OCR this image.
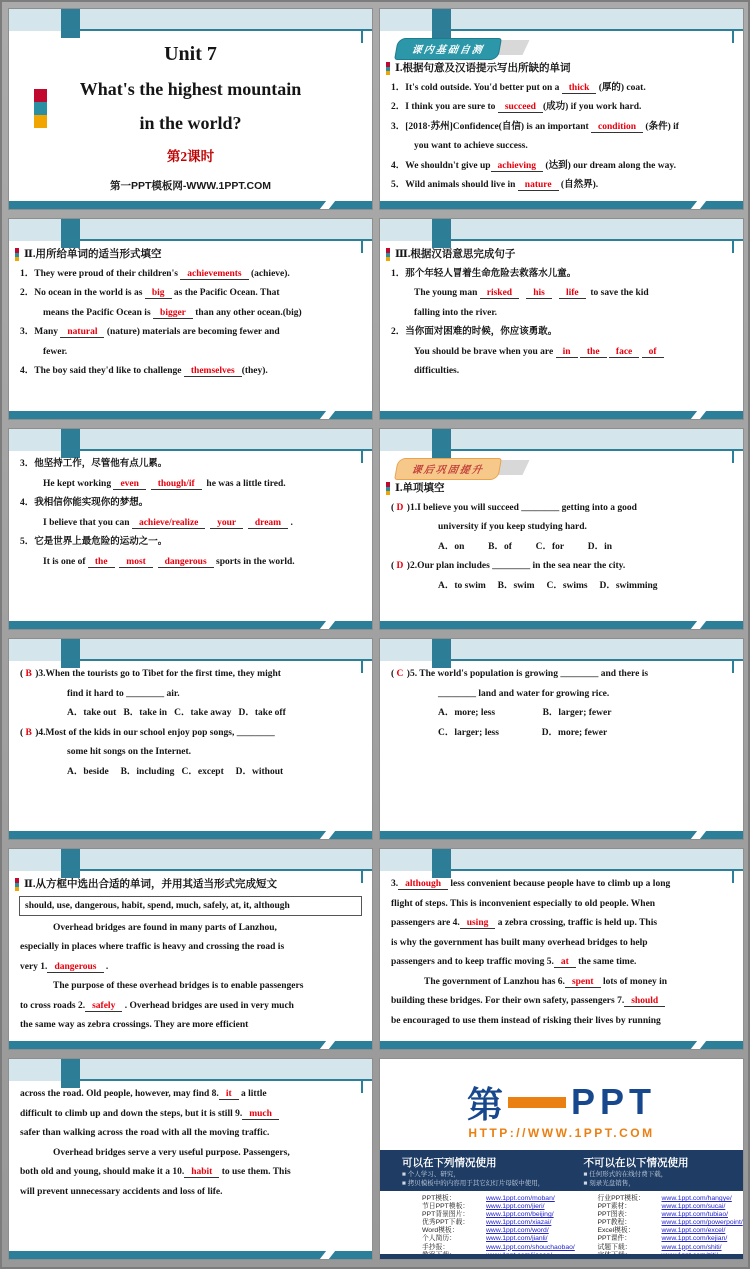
Unit 7
What's the highest mountain
in the world?
第2课时
第一PPT模板网-WWW.1PPT.COM
课内基础自测
Ⅰ.根据句意及汉语提示写出所缺的单词
1．It's cold outside. You'd better put on a thick (厚的) coat.
2．I think you are sure to succeed (成功) if you work hard.
3．[2018·苏州]Confidence(自信) is an important condition (条件) if
you want to achieve success.
4．We shouldn't give up achieving (达到) our dream along the way.
5．Wild animals should live in nature (自然界).
Ⅱ.用所给单词的适当形式填空
1．They were proud of their children's achievements (achieve).
2．No ocean in the world is as big as the Pacific Ocean. That
means the Pacific Ocean is bigger than any other ocean.(big)
3．Many natural (nature) materials are becoming fewer and
fewer.
4．The boy said they'd like to challenge themselves (they).
Ⅲ.根据汉语意思完成句子
1．那个年轻人冒着生命危险去救落水儿童。
The young man risked his life  to save the kid
falling into the river.
2．当你面对困难的时候，你应该勇敢。
You should be brave when you are in the face of
difficulties.
3．他坚持工作，尽管他有点儿累。
He kept working even though/if  he was a little tired.
4．我相信你能实现你的梦想。
I believe that you can achieve/realize your dream .
5．它是世界上最危险的运动之一。
It is one of the most dangerous sports in the world.
课后巩固提升
Ⅰ.单项填空
( D )1.I believe you will succeed ________ getting into a good
university if you keep studying hard.
A．on          B．of          C．for          D．in
( D )2.Our plan includes ________ in the sea near the city.
A．to swim     B．swim     C．swims     D．swimming
( B )3.When the tourists go to Tibet for the first time, they might
find it hard to ________ air.
A．take out   B．take in   C．take away   D．take off
( B )4.Most of the kids in our school enjoy pop songs, ________
some hit songs on the Internet.
A．beside     B．including   C．except     D．without
( C )5. The world's population is growing ________ and there is
________ land and water for growing rice.
A．more; less                    B．larger; fewer
C．larger; less                  D．more; fewer
Ⅱ.从方框中选出合适的单词，并用其适当形式完成短文
should, use, dangerous, habit, spend, much, safely, at, it, although
Overhead bridges are found in many parts of Lanzhou,
especially in places where traffic is heavy and crossing the road is
very 1. dangerous .
The purpose of these overhead bridges is to enable passengers
to cross roads 2. safely . Overhead bridges are used in very much
the same way as zebra crossings. They are more efficient
3. although less convenient because people have to climb up a long
flight of steps. This is inconvenient especially to old people. When
passengers are 4. using a zebra crossing, traffic is held up. This
is why the government has built many overhead bridges to help
passengers and to keep traffic moving 5. at the same time.
The government of Lanzhou has 6. spent lots of money in
building these bridges. For their own safety, passengers 7. should
be encouraged to use them instead of risking their lives by running
across the road. Old people, however, may find 8. it a little
difficult to climb up and down the steps, but it is still 9. much
safer than walking across the road with all the moving traffic.
Overhead bridges serve a very useful purpose. Passengers,
both old and young, should make it a 10. habit to use them. This
will prevent unnecessary accidents and loss of life.
第 PPT
HTTP://WWW.1PPT.COM
可以在下列情况使用
■ 个人学习、研究，
■ 拷贝模板中的内容用于其它幻灯片母版中使用，
不可以在以下情况使用
■ 任何形式的在线付费下载，
■ 刻录光盘销售，
PPT模板：	www.1ppt.com/moban/
节日PPT模板：	www.1ppt.com/jieri/
PPT背景图片：	www.1ppt.com/beijing/
优秀PPT下载：	www.1ppt.com/xiazai/
Word模板：	www.1ppt.com/word/
个人简历：	www.1ppt.com/jianli/
手抄报：	www.1ppt.com/shouchaobao/
行业PPT模板：	www.1ppt.com/hangye/
PPT素材：	www.1ppt.com/sucai/
PPT图表：	www.1ppt.com/tubiao/
PPT教程：	www.1ppt.com/powerpoint/
Excel模板：	www.1ppt.com/excel/
PPT课件：	www.1ppt.com/kejian/
试题下载：	www.1ppt.com/shiti/
